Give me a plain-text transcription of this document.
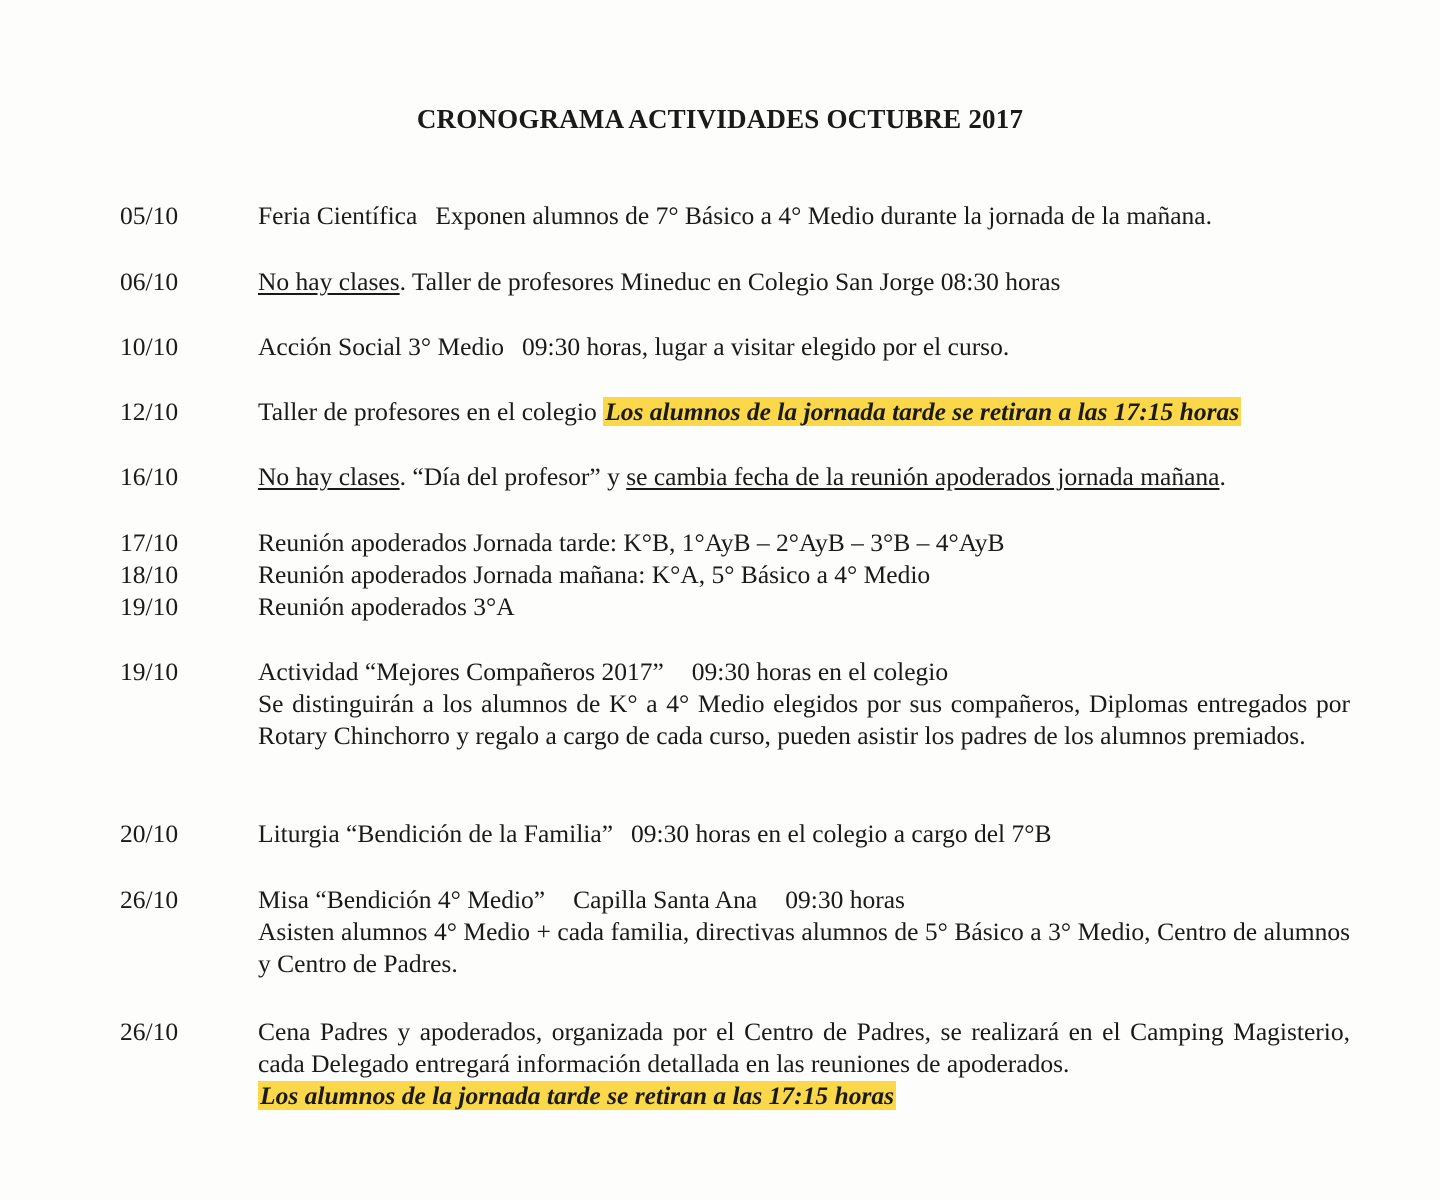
CRONOGRAMA ACTIVIDADES OCTUBRE 2017
05/10	Feria Científica Exponen alumnos de 7° Básico a 4° Medio durante la jornada de la mañana.
06/10	No hay clases. Taller de profesores Mineduc en Colegio San Jorge 08:30 horas
10/10	Acción Social 3° Medio 09:30 horas, lugar a visitar elegido por el curso.
12/10	Taller de profesores en el colegio Los alumnos de la jornada tarde se retiran a las 17:15 horas
16/10	No hay clases. “Día del profesor” y se cambia fecha de la reunión apoderados jornada mañana.
17/10	Reunión apoderados Jornada tarde: K°B, 1°AyB – 2°AyB – 3°B – 4°AyB
18/10	Reunión apoderados Jornada mañana: K°A, 5° Básico a 4° Medio
19/10	Reunión apoderados 3°A
19/10	Actividad “Mejores Compañeros 2017” 09:30 horas en el colegio
Se distinguirán a los alumnos de K° a 4° Medio elegidos por sus compañeros, Diplomas entregados por Rotary Chinchorro y regalo a cargo de cada curso, pueden asistir los padres de los alumnos premiados.
20/10	Liturgia “Bendición de la Familia” 09:30 horas en el colegio a cargo del 7°B
26/10	Misa “Bendición 4° Medio” Capilla Santa Ana 09:30 horas
Asisten alumnos 4° Medio + cada familia, directivas alumnos de 5° Básico a 3° Medio, Centro de alumnos y Centro de Padres.
26/10	Cena Padres y apoderados, organizada por el Centro de Padres, se realizará en el Camping Magisterio, cada Delegado entregará información detallada en las reuniones de apoderados.
Los alumnos de la jornada tarde se retiran a las 17:15 horas
